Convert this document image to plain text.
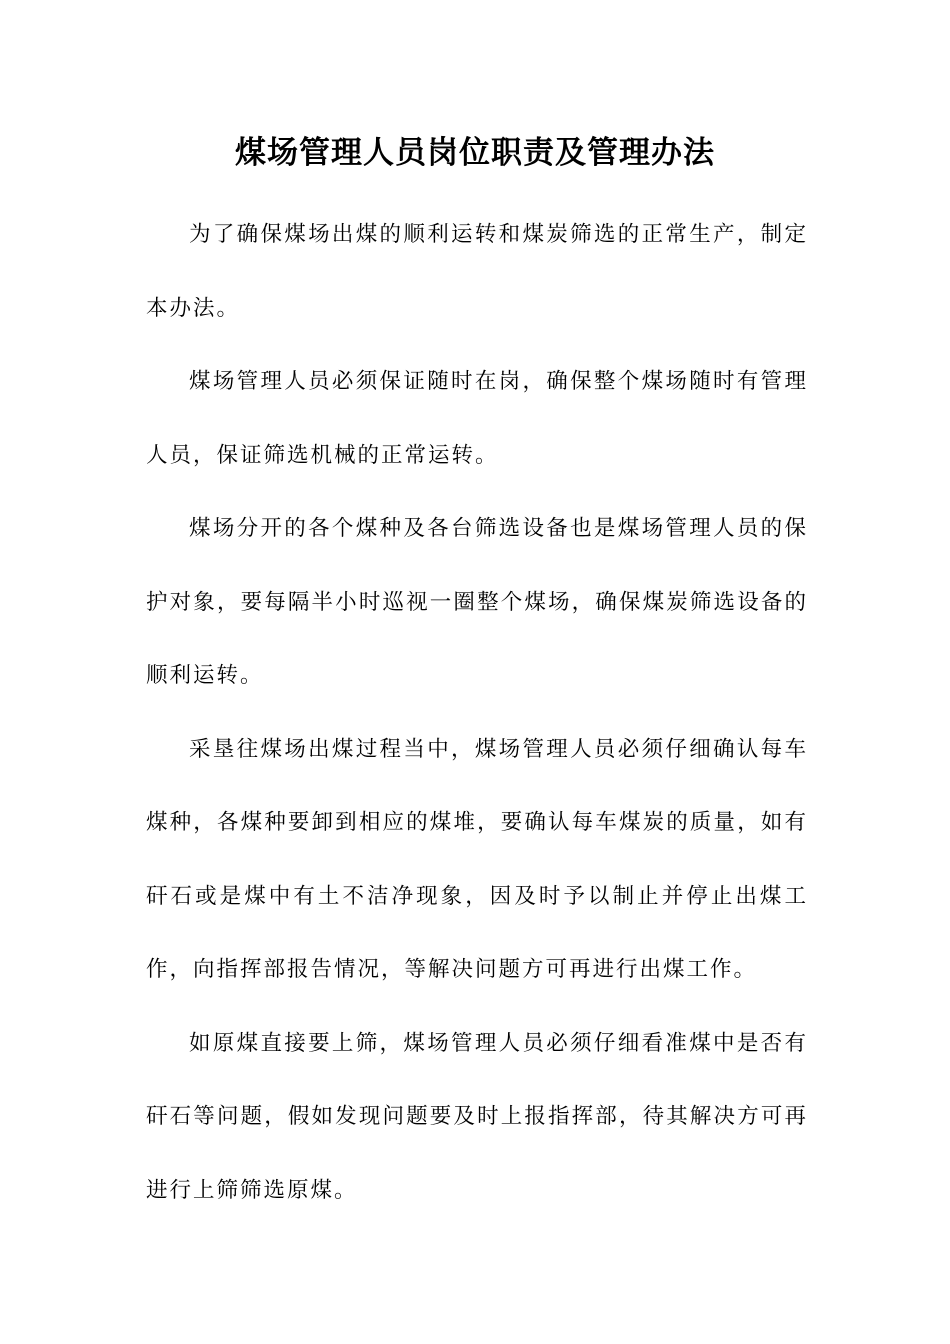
煤场管理人员岗位职责及管理办法

为了确保煤场出煤的顺利运转和煤炭筛选的正常生产，制定本办法。

煤场管理人员必须保证随时在岗，确保整个煤场随时有管理人员，保证筛选机械的正常运转。

煤场分开的各个煤种及各台筛选设备也是煤场管理人员的保护对象，要每隔半小时巡视一圈整个煤场，确保煤炭筛选设备的顺利运转。

采垦往煤场出煤过程当中，煤场管理人员必须仔细确认每车煤种，各煤种要卸到相应的煤堆，要确认每车煤炭的质量，如有矸石或是煤中有土不洁净现象，因及时予以制止并停止出煤工作，向指挥部报告情况，等解决问题方可再进行出煤工作。

如原煤直接要上筛，煤场管理人员必须仔细看准煤中是否有矸石等问题，假如发现问题要及时上报指挥部，待其解决方可再进行上筛筛选原煤。
